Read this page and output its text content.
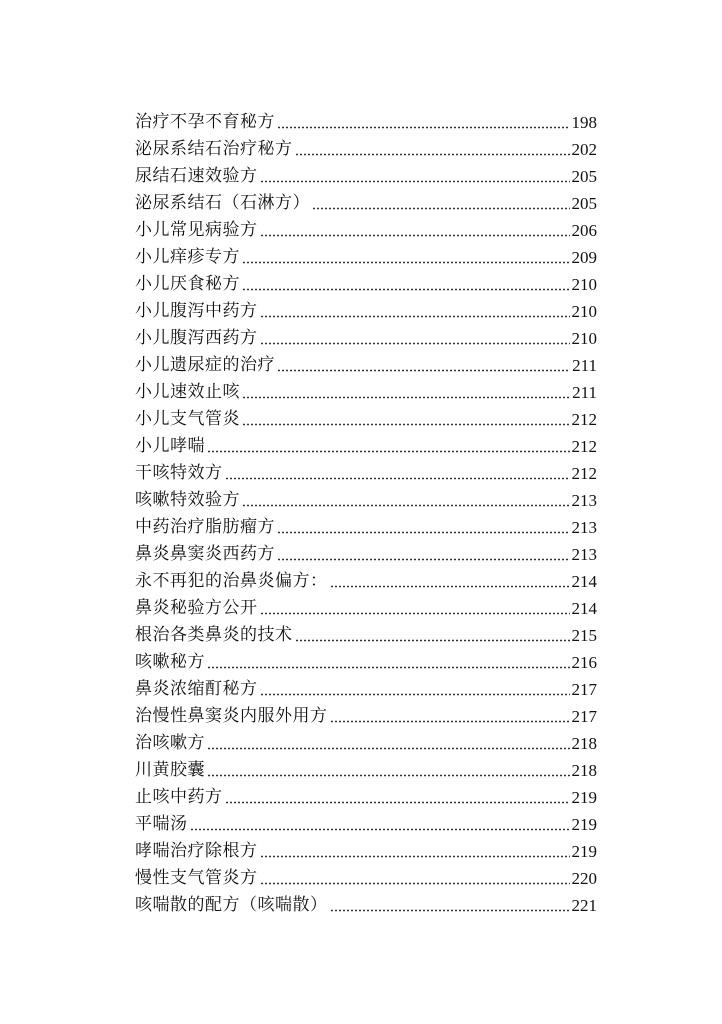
治疗不孕不育秘方	198
泌尿系结石治疗秘方	202
尿结石速效验方	205
泌尿系结石（石淋方）	205
小儿常见病验方	206
小儿痒疹专方	209
小儿厌食秘方	210
小儿腹泻中药方	210
小儿腹泻西药方	210
小儿遗尿症的治疗	211
小儿速效止咳	211
小儿支气管炎	212
小儿哮喘	212
干咳特效方	212
咳嗽特效验方	213
中药治疗脂肪瘤方	213
鼻炎鼻窦炎西药方	213
永不再犯的治鼻炎偏方：	214
鼻炎秘验方公开	214
根治各类鼻炎的技术	215
咳嗽秘方	216
鼻炎浓缩酊秘方	217
治慢性鼻窦炎内服外用方	217
治咳嗽方	218
川黄胶囊	218
止咳中药方	219
平喘汤	219
哮喘治疗除根方	219
慢性支气管炎方	220
咳喘散的配方（咳喘散）	221
